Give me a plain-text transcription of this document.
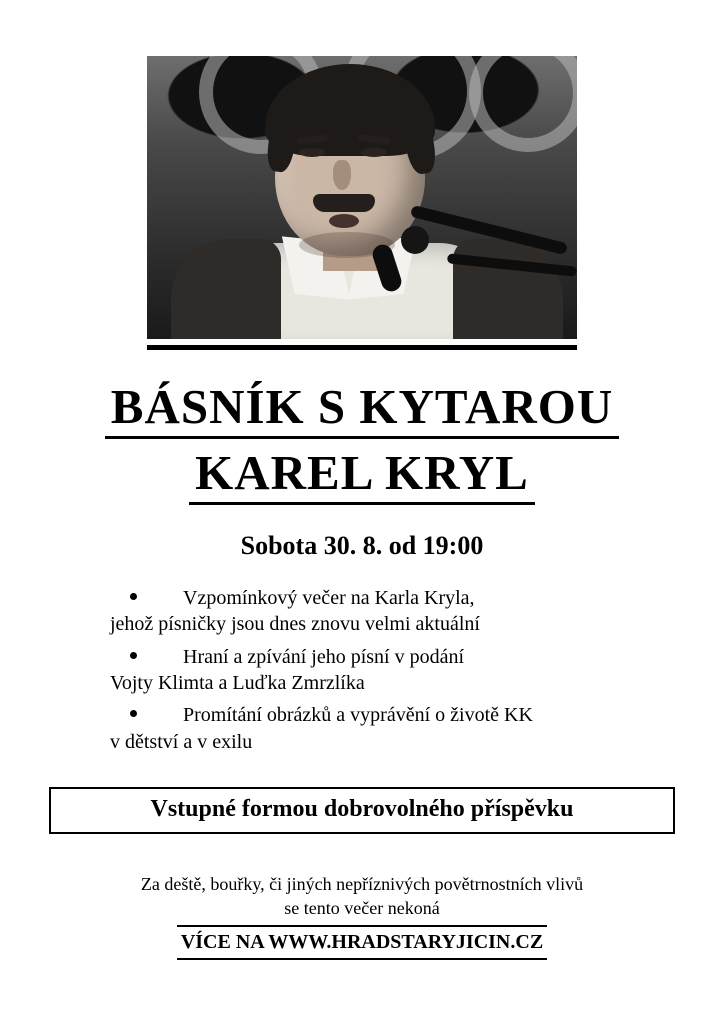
BÁSNÍK S KYTAROU
KAREL KRYL
Sobota 30. 8. od 19:00
Vzpomínkový večer na Karla Kryla,
jehož písničky jsou dnes znovu velmi aktuální
Hraní a zpívání jeho písní v podání
Vojty Klimta a Luďka Zmrzlíka
Promítání obrázků a vyprávění o životě KK
v dětství a v exilu
Vstupné formou dobrovolného příspěvku
Za deště, bouřky, či jiných nepříznivých povětrnostních vlivů
se tento večer nekoná
VÍCE NA WWW.HRADSTARYJICIN.CZ
